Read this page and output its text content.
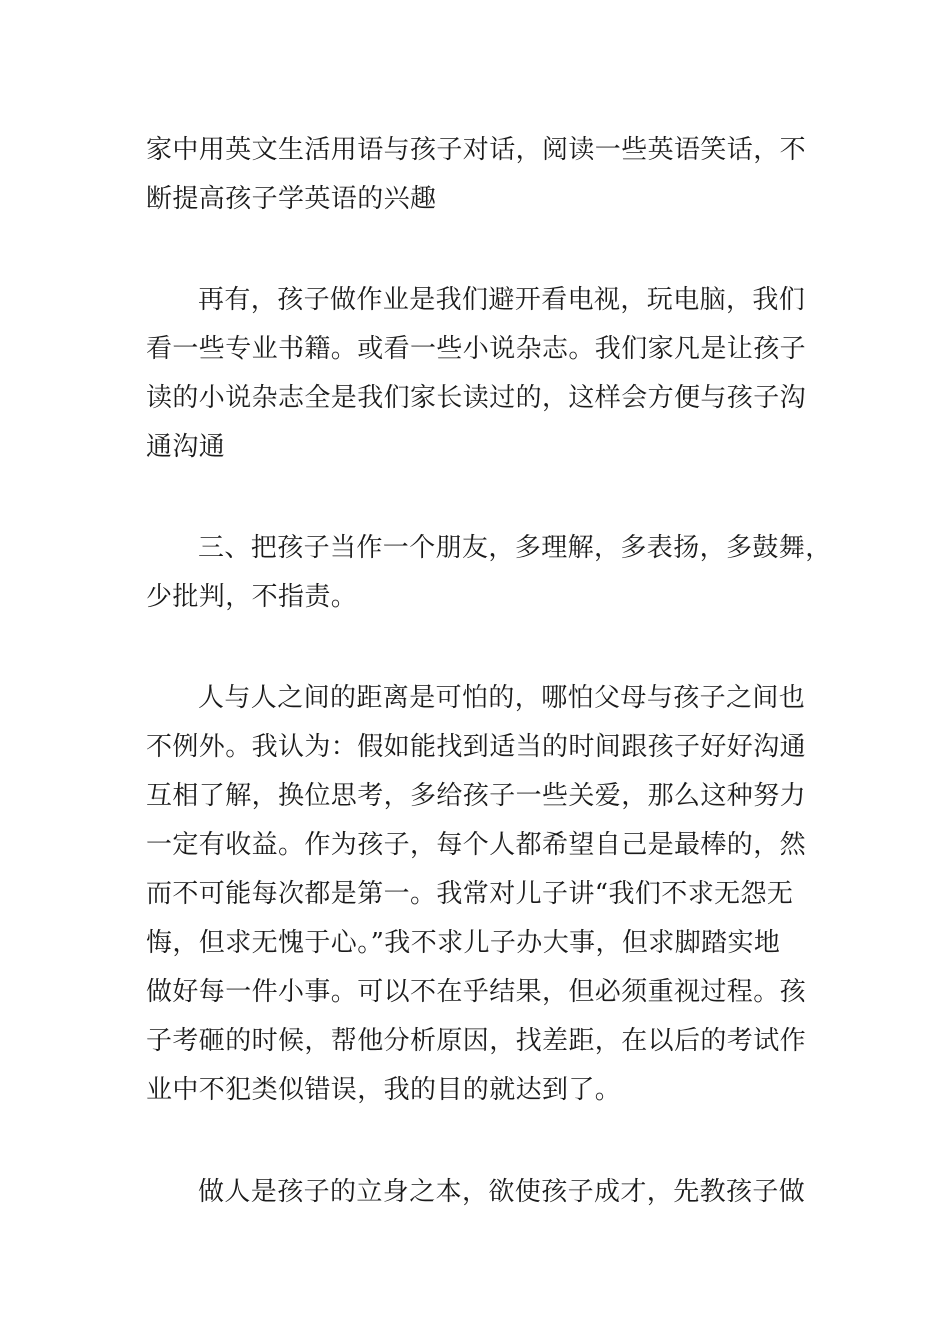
家中用英文生活用语与孩子对话，阅读一些英语笑话，不
断提高孩子学英语的兴趣
再有，孩子做作业是我们避开看电视，玩电脑，我们
看一些专业书籍。或看一些小说杂志。我们家凡是让孩子
读的小说杂志全是我们家长读过的，这样会方便与孩子沟
通沟通
三、把孩子当作一个朋友，多理解，多表扬，多鼓舞，
少批判，不指责。
人与人之间的距离是可怕的，哪怕父母与孩子之间也
不例外。我认为：假如能找到适当的时间跟孩子好好沟通
互相了解，换位思考，多给孩子一些关爱，那么这种努力
一定有收益。作为孩子，每个人都希望自己是最棒的，然
而不可能每次都是第一。我常对儿子讲“我们不求无怨无
悔，但求无愧于心。”我不求儿子办大事，但求脚踏实地
做好每一件小事。可以不在乎结果，但必须重视过程。孩
子考砸的时候，帮他分析原因，找差距，在以后的考试作
业中不犯类似错误，我的目的就达到了。
做人是孩子的立身之本，欲使孩子成才，先教孩子做
